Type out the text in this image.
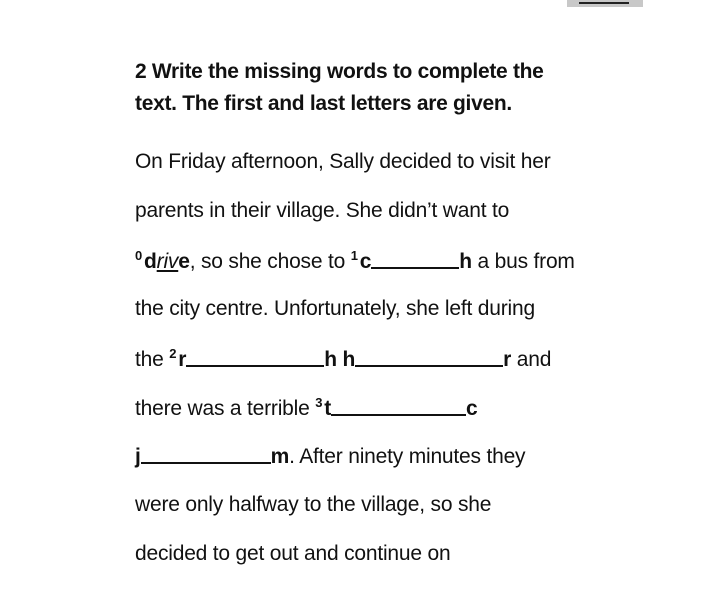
2 Write the missing words to complete the
text. The first and last letters are given.
On Friday afternoon, Sally decided to visit her
parents in their village. She didn’t want to
$^0$drive, so she chose to $^1$c	h a bus from
the city centre. Unfortunately, she left during
the $^2$r	h h	r and
there was a terrible $^3$t	c
j	m. After ninety minutes they
were only halfway to the village, so she
decided to get out and continue on
